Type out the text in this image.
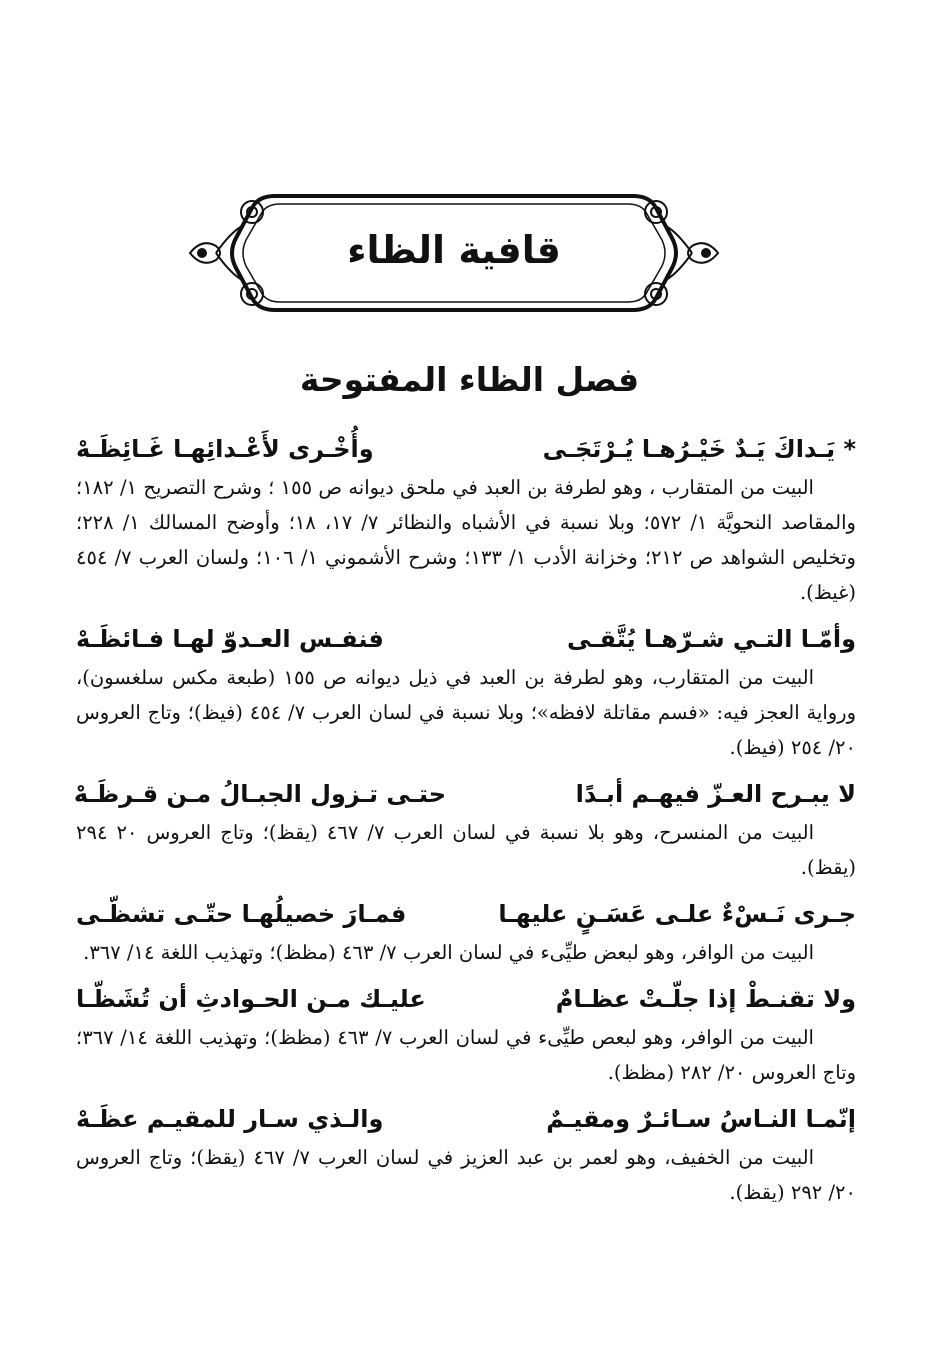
قافية الظاء
فصل الظاء المفتوحة
* يَـداكَ يَـدٌ خَيْـرُهـا يُـرْتَجَـى
وأُخْـرى لأَعْـدائِهـا غَـائِظَـهْ

البيت من المتقارب ، وهو لطرفة بن العبد في ملحق ديوانه ص ١٥٥ ؛ وشرح التصريح ١/ ١٨٢؛ والمقاصد النحويَّة ١/ ٥٧٢؛ وبلا نسبة في الأشباه والنظائر ٧/ ١٧، ١٨؛ وأوضح المسالك ١/ ٢٢٨؛ وتخليص الشواهد ص ٢١٢؛ وخزانة الأدب ١/ ١٣٣؛ وشرح الأشموني ١/ ١٠٦؛ ولسان العرب ٧/ ٤٥٤ (غيظ).

وأمّـا التـي شـرّهـا يُتَّقـى
فنفـس العـدوّ لهـا فـائظَـهْ

البيت من المتقارب، وهو لطرفة بن العبد في ذيل ديوانه ص ١٥٥ (طبعة مكس سلغسون)، ورواية العجز فيه: «فسم مقاتلة لافظه»؛ وبلا نسبة في لسان العرب ٧/ ٤٥٤ (فيظ)؛ وتاج العروس ٢٠/ ٢٥٤ (فيظ).

لا يبـرح العـزّ فيهـم أبـدًا
حتـى تـزول الجبـالُ مـن قـرظَـهْ

البيت من المنسرح، وهو بلا نسبة في لسان العرب ٧/ ٤٦٧ (يقظ)؛ وتاج العروس ٢٠ ٢٩٤ (يقظ).

جـرى نَـسْءٌ علـى عَسَـنٍ عليهـا
فمـارَ خصيلُهـا حتّـى تشظّـى

البيت من الوافر، وهو لبعض طيِّىء في لسان العرب ٧/ ٤٦٣ (مظظ)؛ وتهذيب اللغة ١٤/ ٣٦٧.

ولا تقنـطْ إذا جلّـتْ عظـامٌ
عليـك مـن الحـوادثِ أن تُشَظّـا

البيت من الوافر، وهو لبعص طيِّىء في لسان العرب ٧/ ٤٦٣ (مظظ)؛ وتهذيب اللغة ١٤/ ٣٦٧؛ وتاج العروس ٢٠/ ٢٨٢ (مظظ).

إنّمـا النـاسُ سـائـرٌ ومقيـمٌ
والـذي سـار للمقيـم عظَـهْ

البيت من الخفيف، وهو لعمر بن عبد العزيز في لسان العرب ٧/ ٤٦٧ (يقظ)؛ وتاج العروس ٢٠/ ٢٩٢ (يقظ).
